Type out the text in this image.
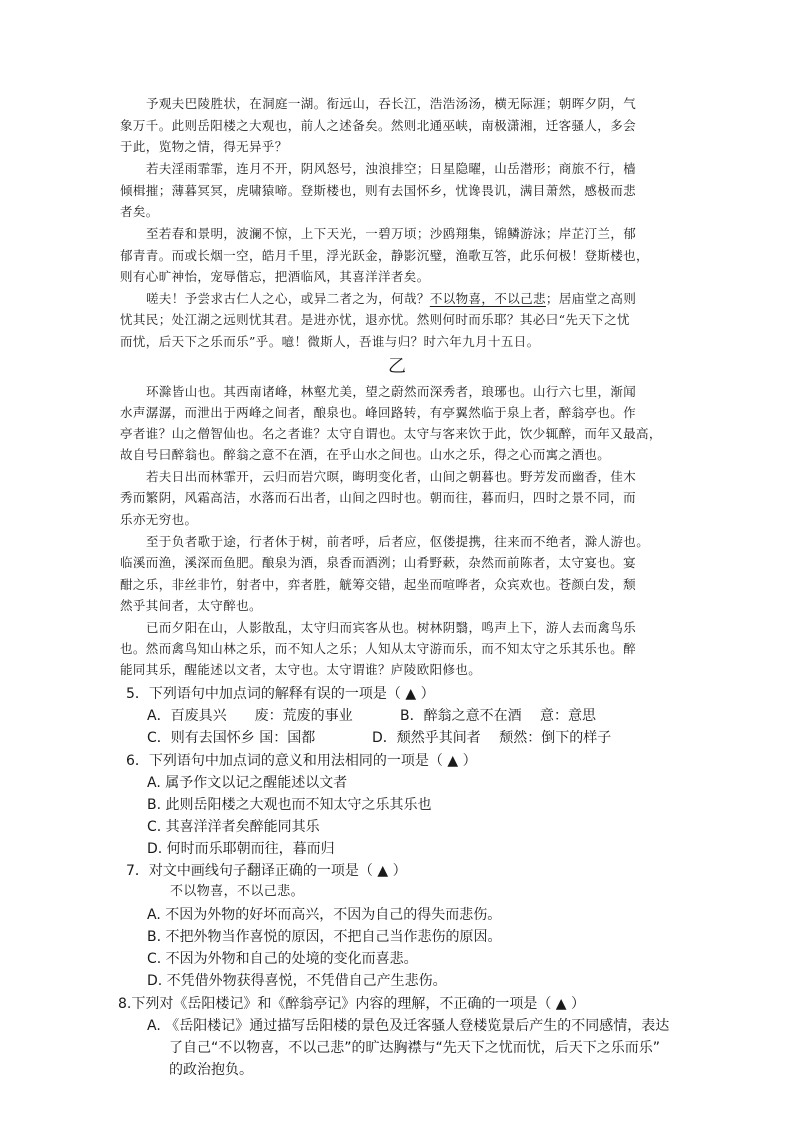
予观夫巴陵胜状，在洞庭一湖。衔远山，吞长江，浩浩汤汤，横无际涯；朝晖夕阴，气
象万千。此则岳阳楼之大观也，前人之述备矣。然则北通巫峡，南极潇湘，迁客骚人，多会
于此，览物之情，得无异乎？
若夫淫雨霏霏，连月不开，阴风怒号，浊浪排空；日星隐曜，山岳潜形；商旅不行，樯
倾楫摧；薄暮冥冥，虎啸猿啼。登斯楼也，则有去国怀乡，忧谗畏讥，满目萧然，感极而悲
者矣。
至若春和景明，波澜不惊，上下天光，一碧万顷；沙鸥翔集，锦鳞游泳；岸芷汀兰，郁
郁青青。而或长烟一空，皓月千里，浮光跃金，静影沉璧，渔歌互答，此乐何极！登斯楼也，
则有心旷神怡，宠辱偕忘，把酒临风，其喜洋洋者矣。
嗟夫！予尝求古仁人之心，或异二者之为，何哉？不以物喜，不以己悲；居庙堂之高则
忧其民；处江湖之远则忧其君。是进亦忧，退亦忧。然则何时而乐耶？其必曰“先天下之忧
而忧，后天下之乐而乐”乎。噫！微斯人，吾谁与归？时六年九月十五日。
乙
环滁皆山也。其西南诸峰，林壑尤美，望之蔚然而深秀者，琅琊也。山行六七里，渐闻
水声潺潺，而泄出于两峰之间者，酿泉也。峰回路转，有亭翼然临于泉上者，醉翁亭也。作
亭者谁？山之僧智仙也。名之者谁？太守自谓也。太守与客来饮于此，饮少辄醉，而年又最高，
故自号曰醉翁也。醉翁之意不在酒，在乎山水之间也。山水之乐，得之心而寓之酒也。
若夫日出而林霏开，云归而岩穴暝，晦明变化者，山间之朝暮也。野芳发而幽香，佳木
秀而繁阴，风霜高洁，水落而石出者，山间之四时也。朝而往，暮而归，四时之景不同，而
乐亦无穷也。
至于负者歌于途，行者休于树，前者呼，后者应，伛偻提携，往来而不绝者，滁人游也。
临溪而渔，溪深而鱼肥。酿泉为酒，泉香而酒洌；山肴野蔌，杂然而前陈者，太守宴也。宴
酣之乐，非丝非竹，射者中，弈者胜，觥筹交错，起坐而喧哗者，众宾欢也。苍颜白发，颓
然乎其间者，太守醉也。
已而夕阳在山，人影散乱，太守归而宾客从也。树林阴翳，鸣声上下，游人去而禽鸟乐
也。然而禽鸟知山林之乐，而不知人之乐；人知从太守游而乐，而不知太守之乐其乐也。醉
能同其乐，醒能述以文者，太守也。太守谓谁？庐陵欧阳修也。
5．下列语句中加点词的解释有误的一项是（ ▲ ）
A．百废具兴　　废：荒废的事业	B．醉翁之意不在酒　 意：意思
C．则有去国怀乡 国：国都	D．颓然乎其间者　 颓然：倒下的样子
6．下列语句中加点词的意义和用法相同的一项是（ ▲ ）
A. 属予作文以记之醒能述以文者
B. 此则岳阳楼之大观也而不知太守之乐其乐也
C. 其喜洋洋者矣醉能同其乐
D. 何时而乐耶朝而往，暮而归
7．对文中画线句子翻译正确的一项是（ ▲ ）
不以物喜，不以己悲。
A. 不因为外物的好坏而高兴，不因为自己的得失而悲伤。
B. 不把外物当作喜悦的原因，不把自己当作悲伤的原因。
C. 不因为外物和自己的处境的变化而喜悲。
D. 不凭借外物获得喜悦，不凭借自己产生悲伤。
8.下列对《岳阳楼记》和《醉翁亭记》内容的理解，不正确的一项是（ ▲ ）
A. 《岳阳楼记》通过描写岳阳楼的景色及迁客骚人登楼览景后产生的不同感情，表达
了自己“不以物喜，不以己悲”的旷达胸襟与“先天下之忧而忧，后天下之乐而乐”
的政治抱负。
